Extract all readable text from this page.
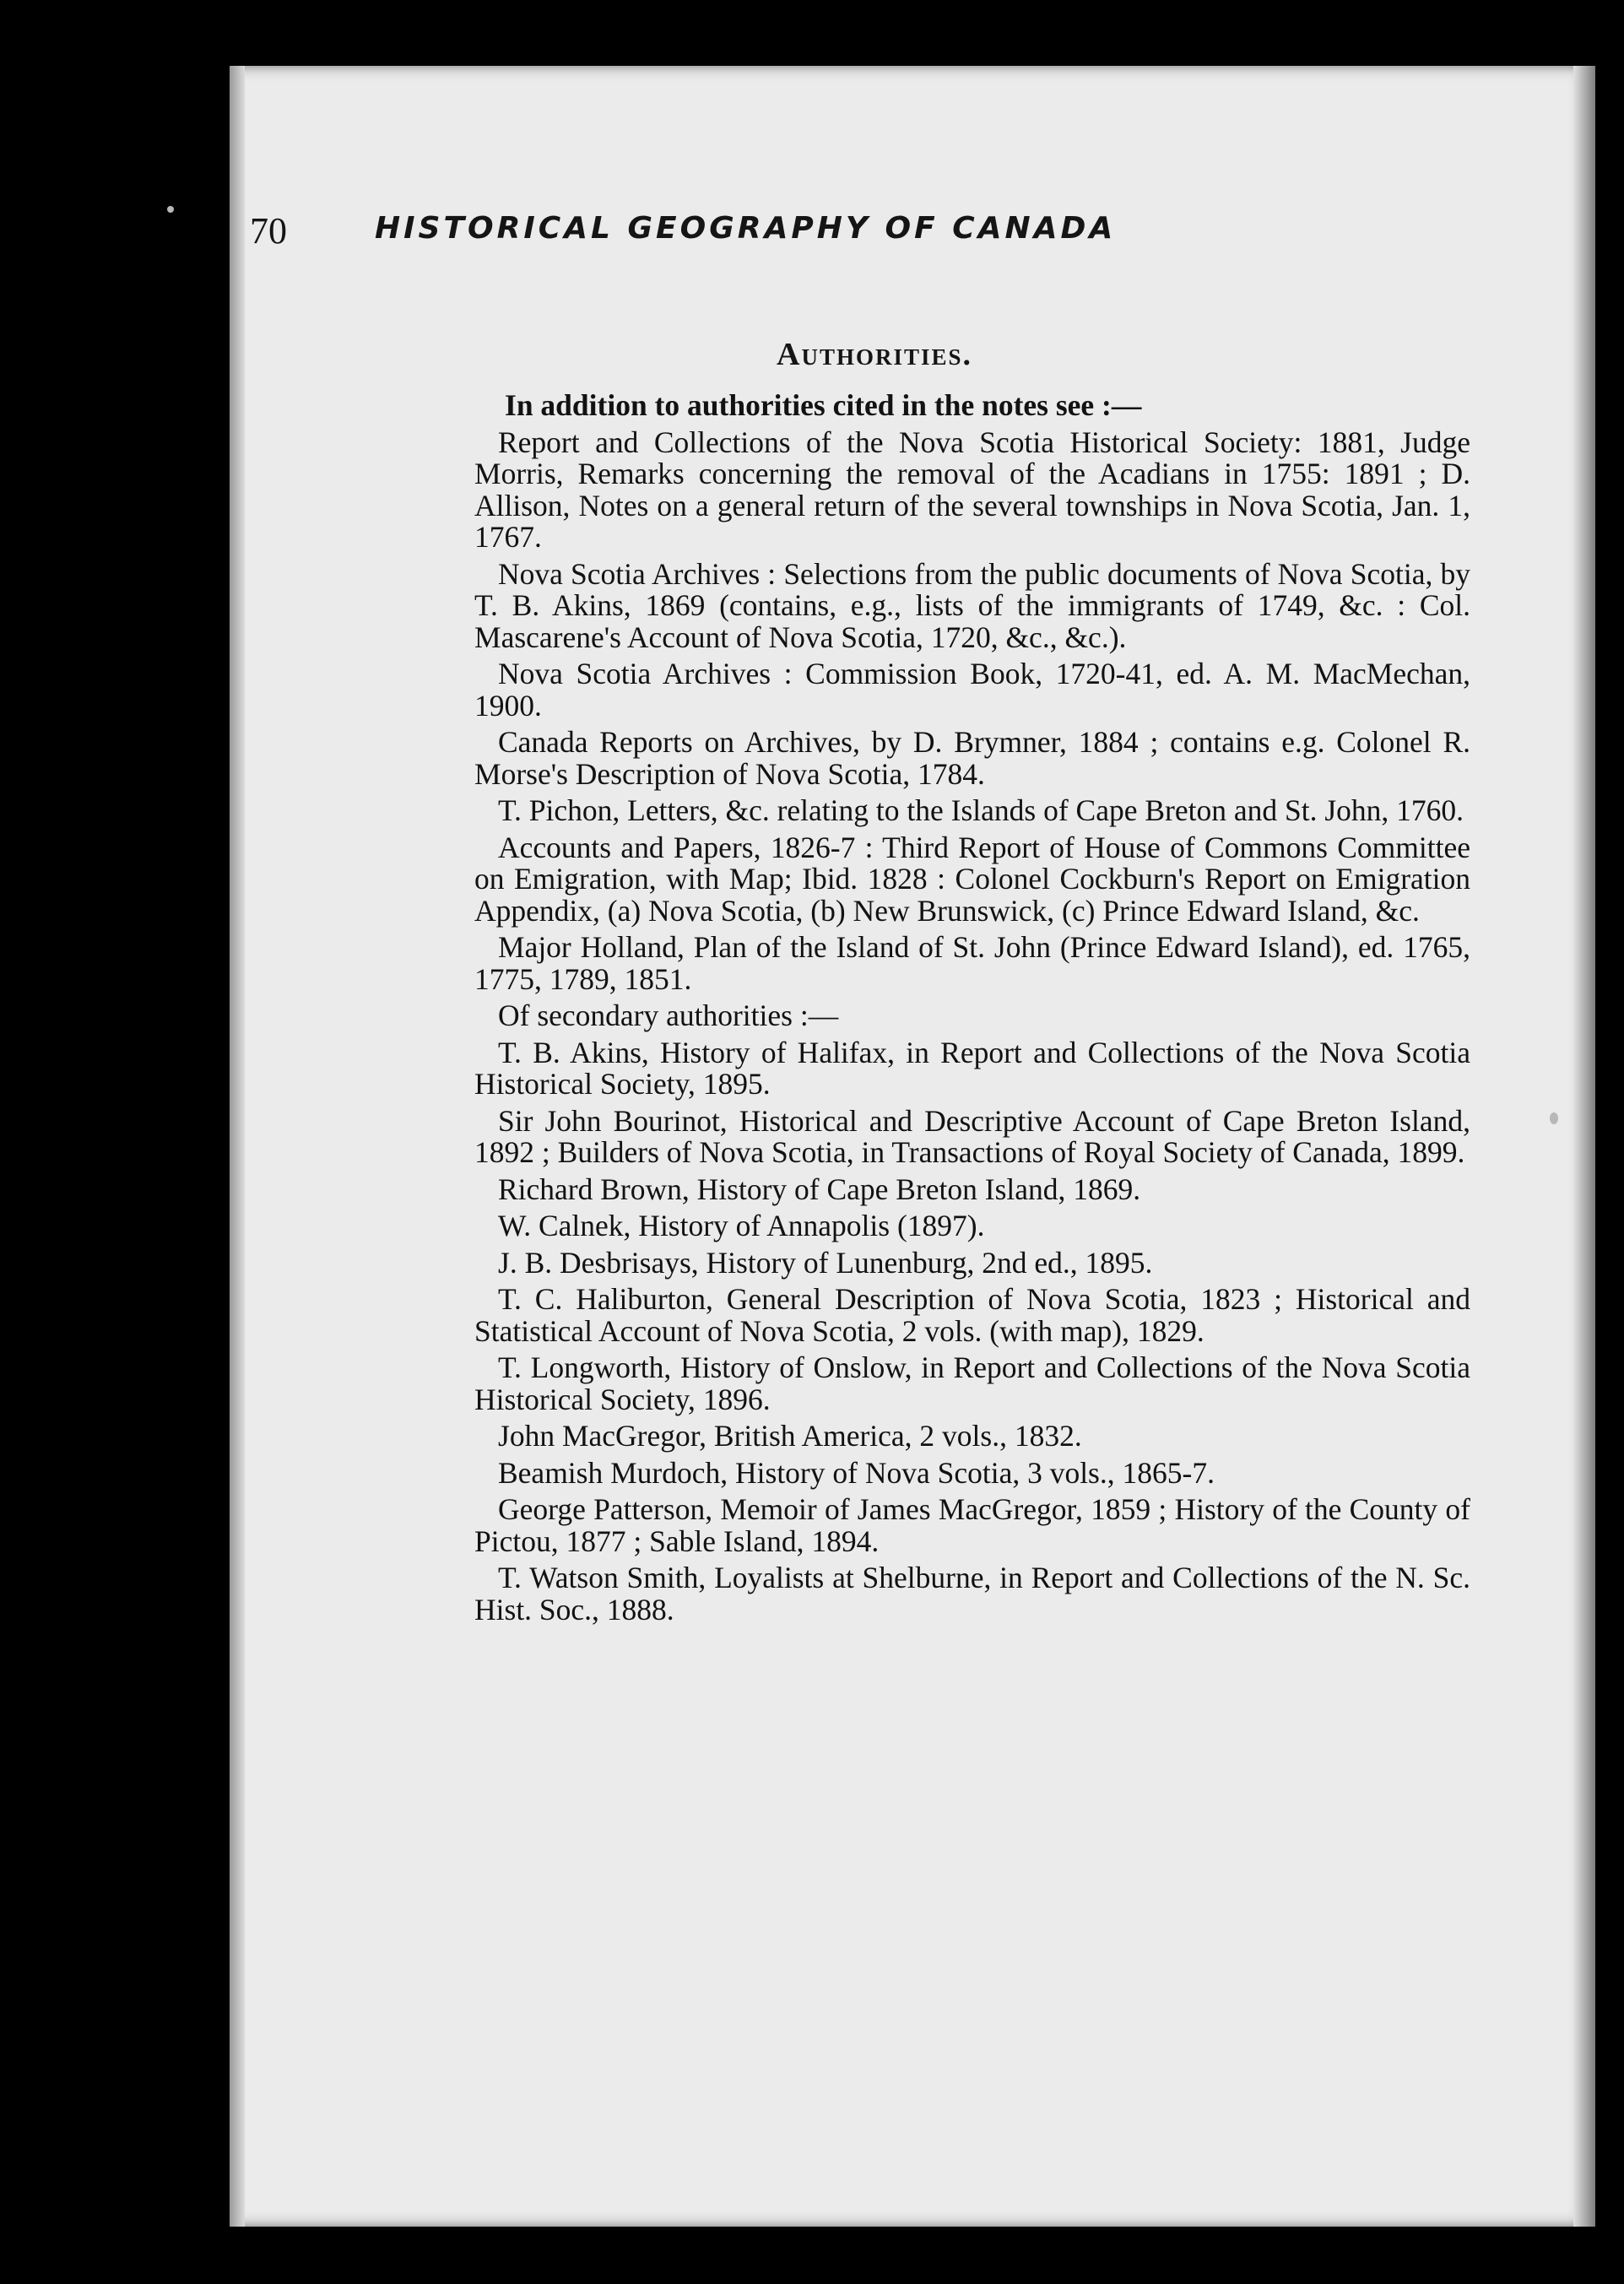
70	HISTORICAL GEOGRAPHY OF CANADA
Authorities.

In addition to authorities cited in the notes see :—

Report and Collections of the Nova Scotia Historical Society: 1881, Judge Morris, Remarks concerning the removal of the Acadians in 1755: 1891 ; D. Allison, Notes on a general return of the several townships in Nova Scotia, Jan. 1, 1767.

Nova Scotia Archives : Selections from the public documents of Nova Scotia, by T. B. Akins, 1869 (contains, e.g., lists of the immigrants of 1749, &c. : Col. Mascarene's Account of Nova Scotia, 1720, &c., &c.).

Nova Scotia Archives : Commission Book, 1720-41, ed. A. M. MacMechan, 1900.

Canada Reports on Archives, by D. Brymner, 1884 ; contains e.g. Colonel R. Morse's Description of Nova Scotia, 1784.

T. Pichon, Letters, &c. relating to the Islands of Cape Breton and St. John, 1760.

Accounts and Papers, 1826-7 : Third Report of House of Commons Committee on Emigration, with Map; Ibid. 1828 : Colonel Cockburn's Report on Emigration Appendix, (a) Nova Scotia, (b) New Brunswick, (c) Prince Edward Island, &c.

Major Holland, Plan of the Island of St. John (Prince Edward Island), ed. 1765, 1775, 1789, 1851.

Of secondary authorities :—

T. B. Akins, History of Halifax, in Report and Collections of the Nova Scotia Historical Society, 1895.

Sir John Bourinot, Historical and Descriptive Account of Cape Breton Island, 1892 ; Builders of Nova Scotia, in Transactions of Royal Society of Canada, 1899.

Richard Brown, History of Cape Breton Island, 1869.

W. Calnek, History of Annapolis (1897).

J. B. Desbrisays, History of Lunenburg, 2nd ed., 1895.

T. C. Haliburton, General Description of Nova Scotia, 1823 ; Historical and Statistical Account of Nova Scotia, 2 vols. (with map), 1829.

T. Longworth, History of Onslow, in Report and Collections of the Nova Scotia Historical Society, 1896.

John MacGregor, British America, 2 vols., 1832.

Beamish Murdoch, History of Nova Scotia, 3 vols., 1865-7.

George Patterson, Memoir of James MacGregor, 1859 ; History of the County of Pictou, 1877 ; Sable Island, 1894.

T. Watson Smith, Loyalists at Shelburne, in Report and Collections of the N. Sc. Hist. Soc., 1888.
